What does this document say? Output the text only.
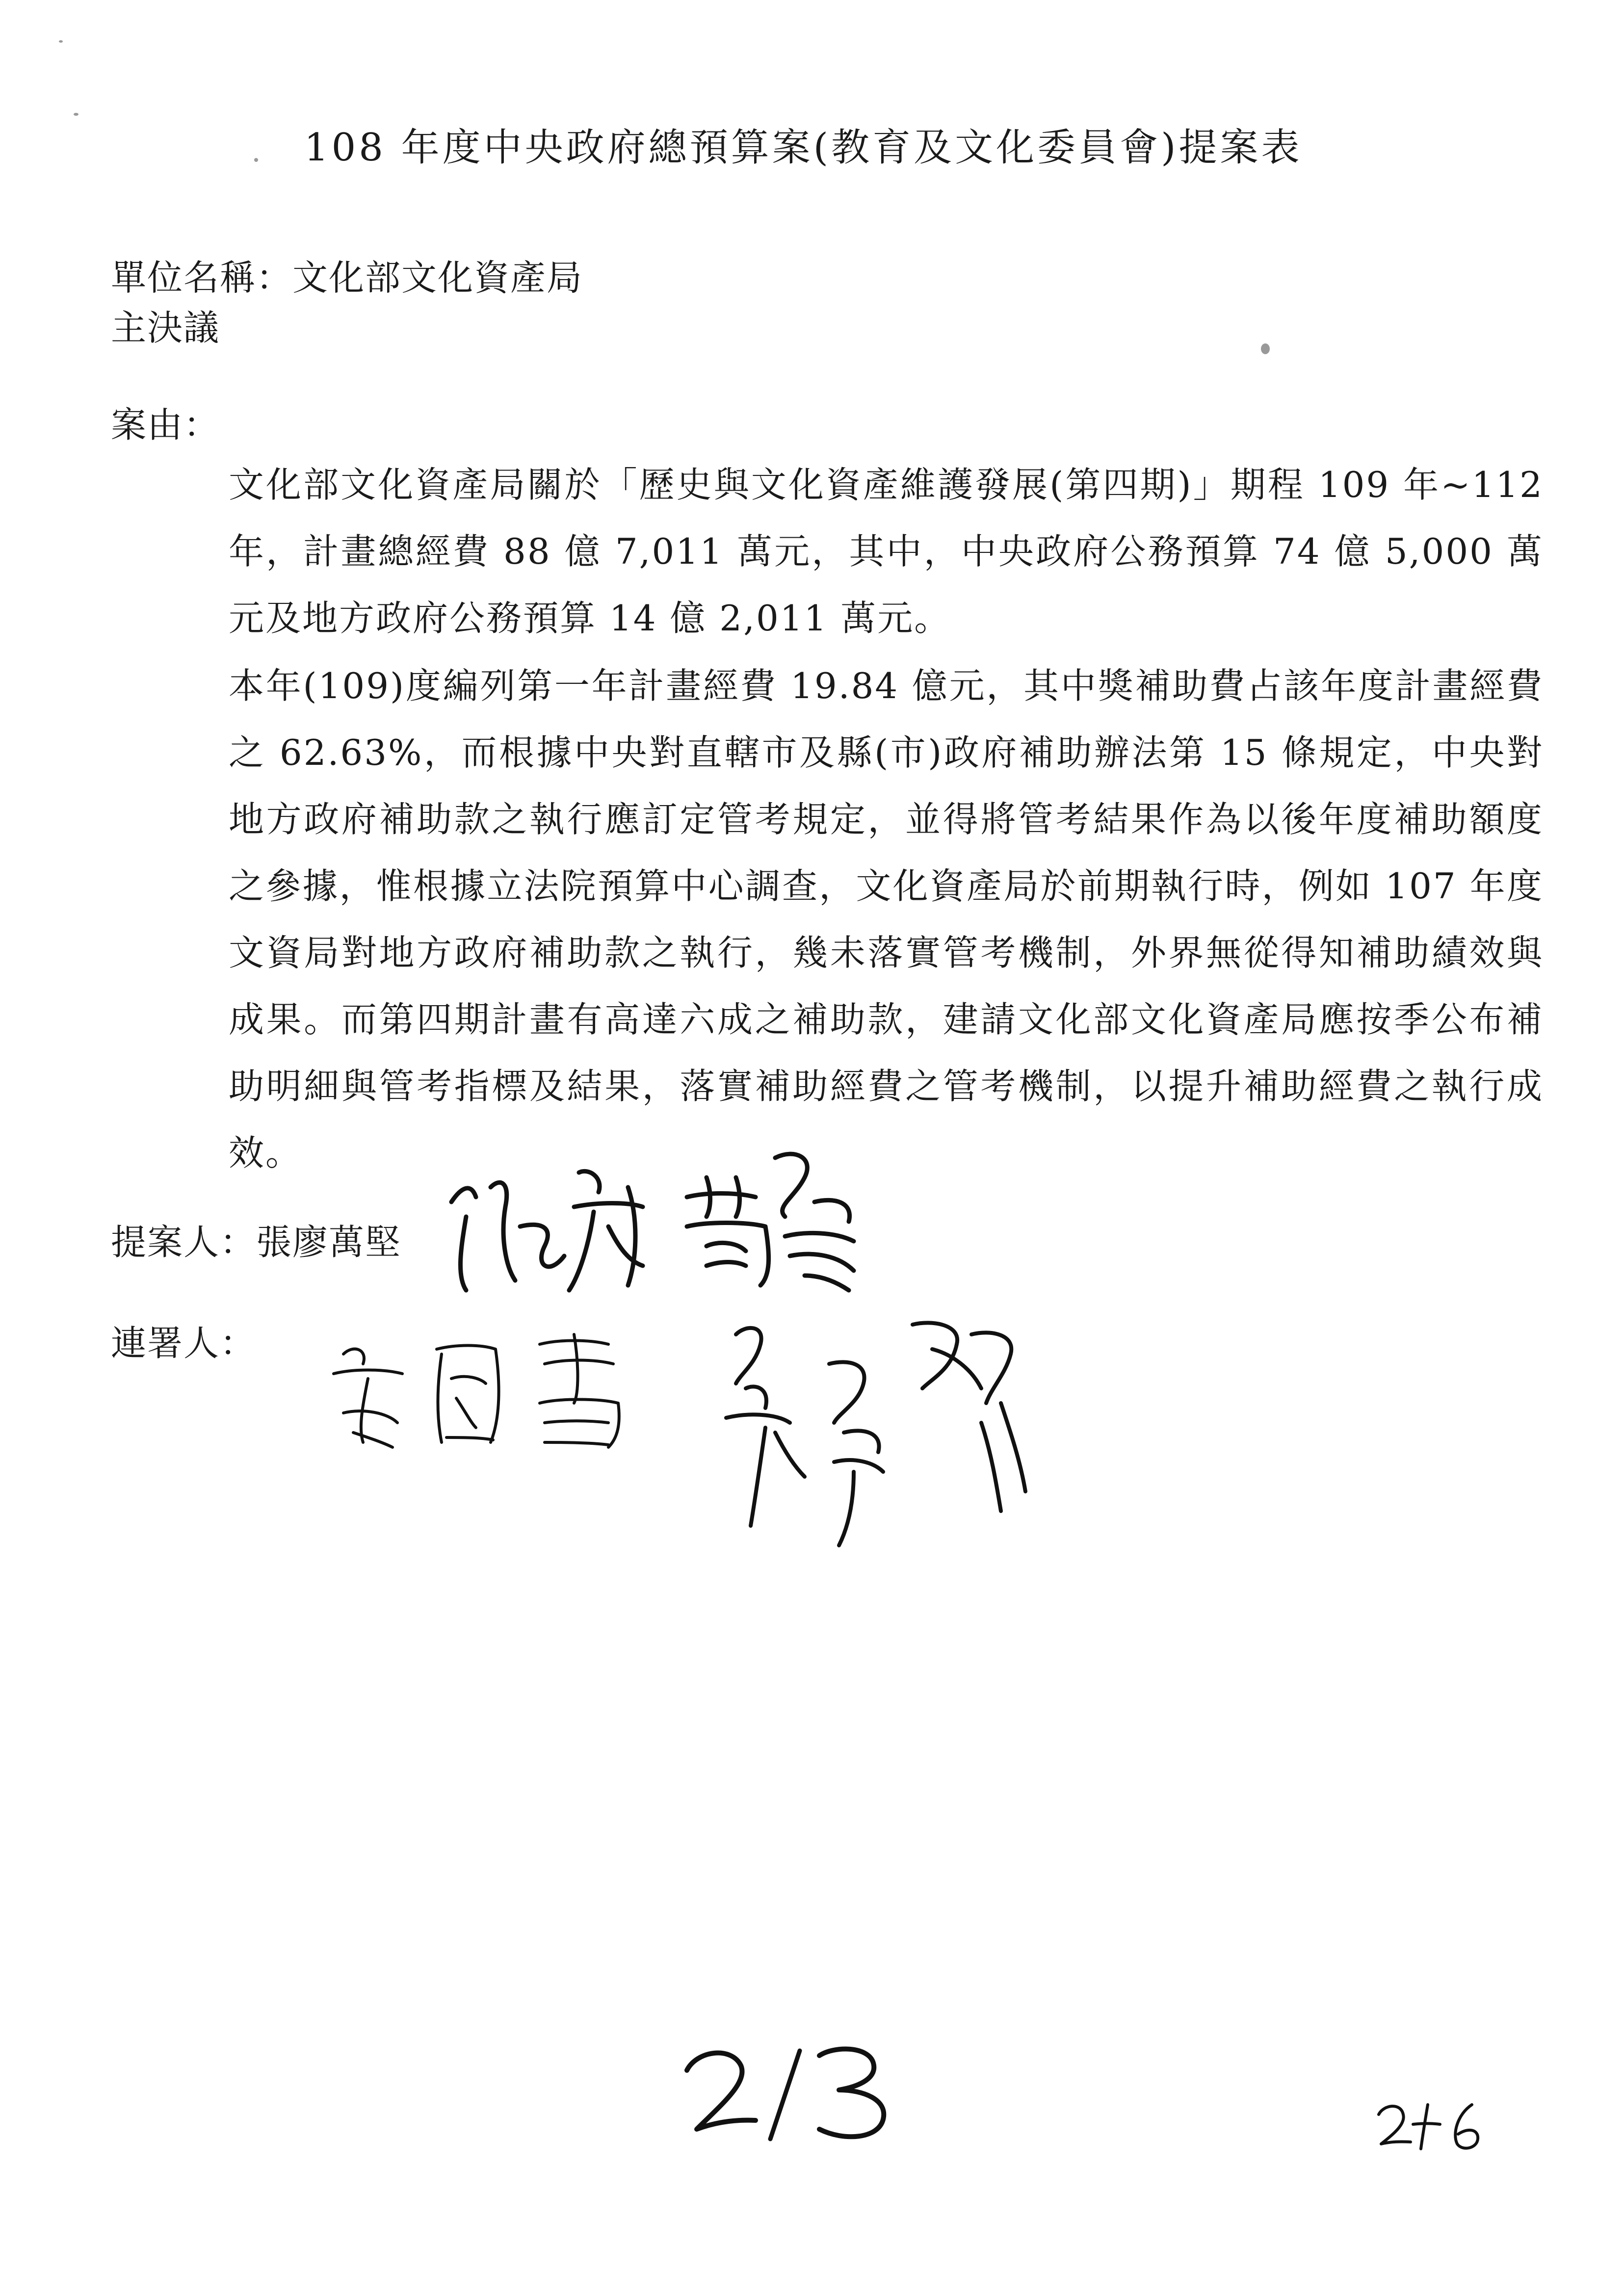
108 年度中央政府總預算案(教育及文化委員會)提案表
單位名稱：文化部文化資產局
主決議
案由：
文化部文化資產局關於「歷史與文化資產維護發展(第四期)」期程 109 年~112 年，計畫總經費 88 億 7,011 萬元，其中，中央政府公務預算 74 億 5,000 萬元及地方政府公務預算 14 億 2,011 萬元。
本年(109)度編列第一年計畫經費 19.84 億元，其中獎補助費占該年度計畫經費之 62.63%，而根據中央對直轄市及縣(市)政府補助辦法第 15 條規定，中央對地方政府補助款之執行應訂定管考規定，並得將管考結果作為以後年度補助額度之參據，惟根據立法院預算中心調查，文化資產局於前期執行時，例如 107 年度文資局對地方政府補助款之執行，幾未落實管考機制，外界無從得知補助績效與成果。而第四期計畫有高達六成之補助款，建請文化部文化資產局應按季公布補助明細與管考指標及結果，落實補助經費之管考機制，以提升補助經費之執行成效。
提案人：張廖萬堅
連署人：
